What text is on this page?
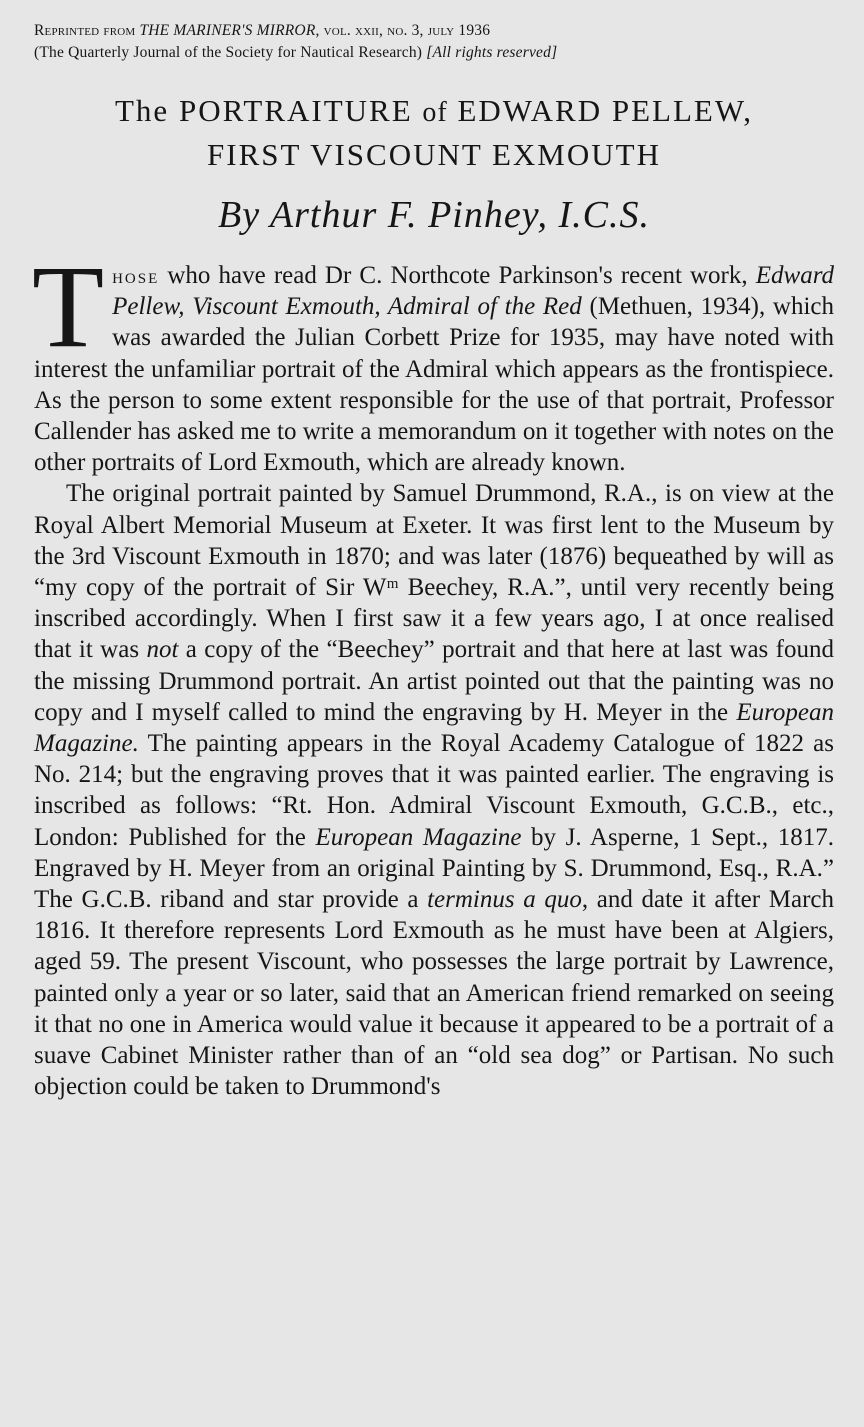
Reprinted from THE MARINER'S MIRROR, vol. xxii, no. 3, july 1936
(The Quarterly Journal of the Society for Nautical Research) [All rights reserved]
The PORTRAITURE of EDWARD PELLEW,
FIRST VISCOUNT EXMOUTH
By Arthur F. Pinhey, I.C.S.

Those who have read Dr C. Northcote Parkinson's recent work, Edward Pellew, Viscount Exmouth, Admiral of the Red (Methuen, 1934), which was awarded the Julian Corbett Prize for 1935, may have noted with interest the unfamiliar portrait of the Admiral which appears as the frontispiece. As the person to some extent responsible for the use of that portrait, Professor Callender has asked me to write a memorandum on it together with notes on the other portraits of Lord Exmouth, which are already known.

The original portrait painted by Samuel Drummond, R.A., is on view at the Royal Albert Memorial Museum at Exeter. It was first lent to the Museum by the 3rd Viscount Exmouth in 1870; and was later (1876) bequeathed by will as “my copy of the portrait of Sir Wᵐ Beechey, R.A.”, until very recently being inscribed accordingly. When I first saw it a few years ago, I at once realised that it was not a copy of the “Beechey” portrait and that here at last was found the missing Drummond portrait. An artist pointed out that the painting was no copy and I myself called to mind the engraving by H. Meyer in the European Magazine. The painting appears in the Royal Academy Catalogue of 1822 as No. 214; but the engraving proves that it was painted earlier. The engraving is inscribed as follows: “Rt. Hon. Admiral Viscount Exmouth, G.C.B., etc., London: Published for the European Magazine by J. Asperne, 1 Sept., 1817. Engraved by H. Meyer from an original Painting by S. Drummond, Esq., R.A.” The G.C.B. riband and star provide a terminus a quo, and date it after March 1816. It therefore represents Lord Exmouth as he must have been at Algiers, aged 59. The present Viscount, who possesses the large portrait by Lawrence, painted only a year or so later, said that an American friend remarked on seeing it that no one in America would value it because it appeared to be a portrait of a suave Cabinet Minister rather than of an “old sea dog” or Partisan. No such objection could be taken to Drummond's
